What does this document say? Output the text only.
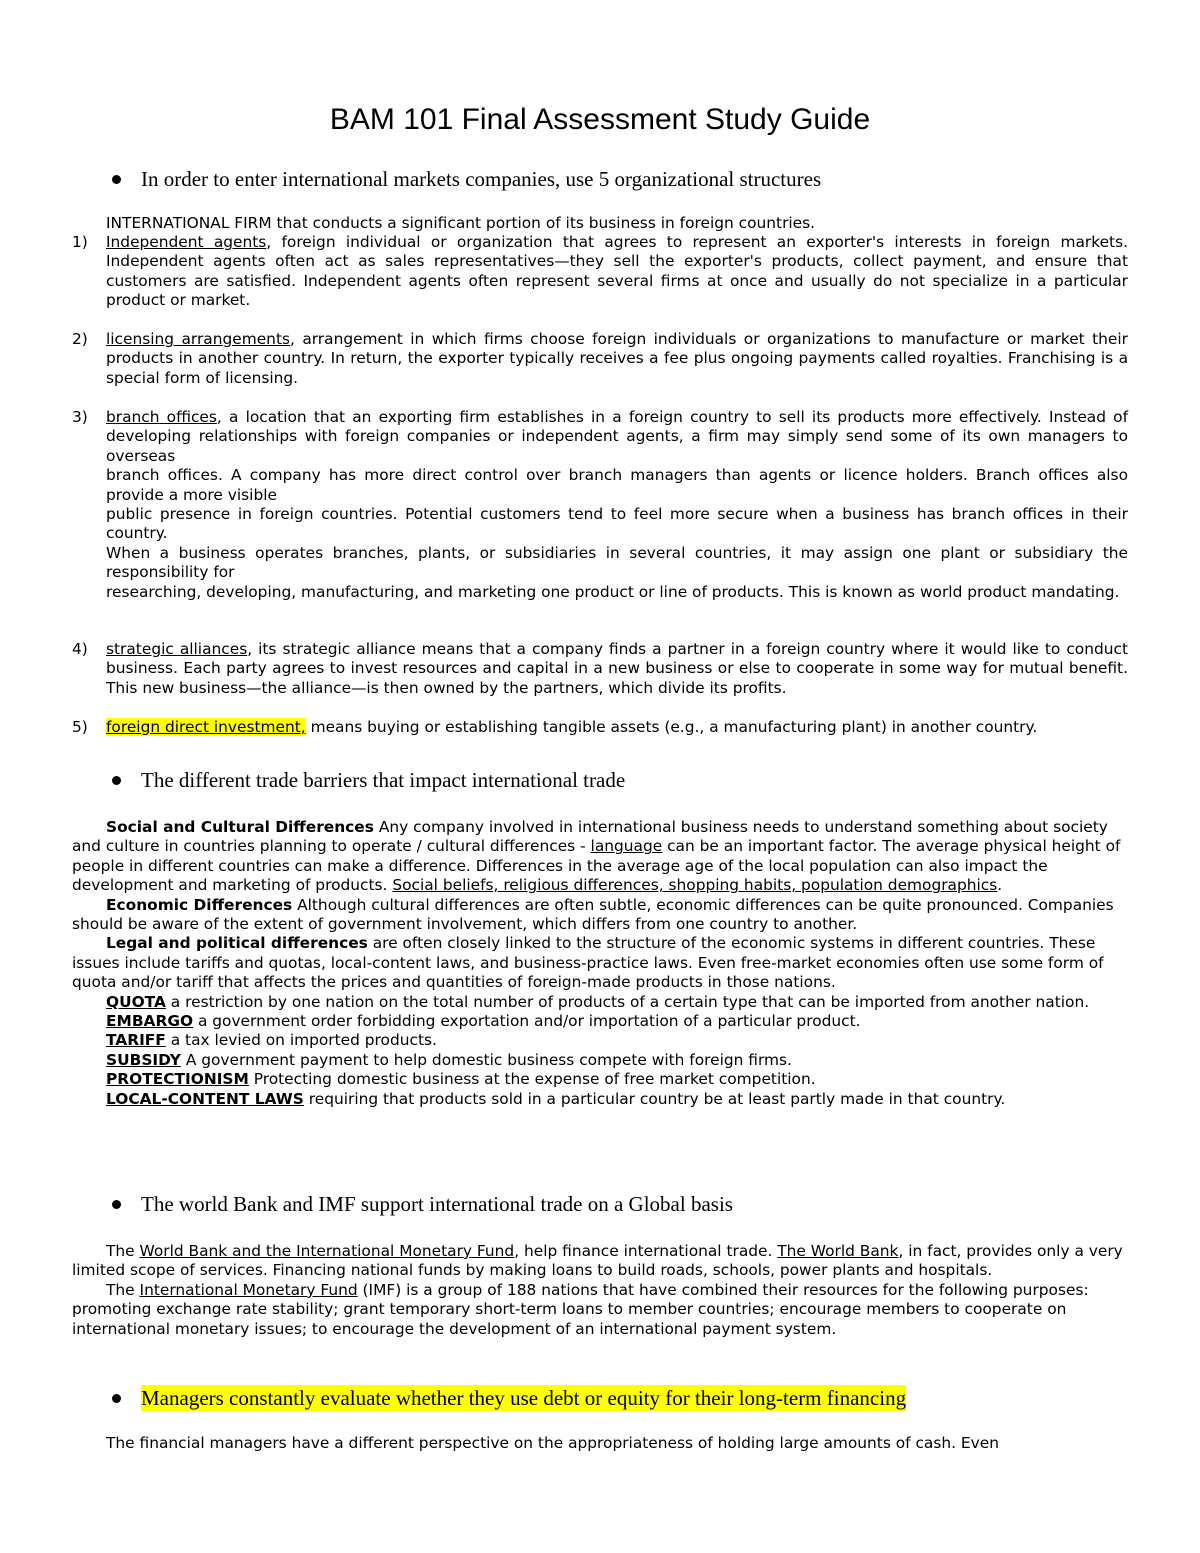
BAM 101 Final Assessment Study Guide
In order to enter international markets companies, use 5 organizational structures
INTERNATIONAL FIRM that conducts a significant portion of its business in foreign countries.
1) Independent agents, foreign individual or organization that agrees to represent an exporter's interests in foreign markets. Independent agents often act as sales representatives—they sell the exporter's products, collect payment, and ensure that customers are satisfied. Independent agents often represent several firms at once and usually do not specialize in a particular product or market.
2) licensing arrangements, arrangement in which firms choose foreign individuals or organizations to manufacture or market their products in another country. In return, the exporter typically receives a fee plus ongoing payments called royalties. Franchising is a special form of licensing.
3) branch offices, a location that an exporting firm establishes in a foreign country to sell its products more effectively. Instead of developing relationships with foreign companies or independent agents, a firm may simply send some of its own managers to overseas

branch offices. A company has more direct control over branch managers than agents or licence holders. Branch offices also provide a more visible

public presence in foreign countries. Potential customers tend to feel more secure when a business has branch offices in their country.

When a business operates branches, plants, or subsidiaries in several countries, it may assign one plant or subsidiary the responsibility for

researching, developing, manufacturing, and marketing one product or line of products. This is known as world product mandating.

4) strategic alliances, its strategic alliance means that a company finds a partner in a foreign country where it would like to conduct business. Each party agrees to invest resources and capital in a new business or else to cooperate in some way for mutual benefit. This new business—the alliance—is then owned by the partners, which divide its profits.
5) foreign direct investment, means buying or establishing tangible assets (e.g., a manufacturing plant) in another country.
The different trade barriers that impact international trade

Social and Cultural Differences Any company involved in international business needs to understand something about society and culture in countries planning to operate / cultural differences - language can be an important factor. The average physical height of people in different countries can make a difference. Differences in the average age of the local population can also impact the development and marketing of products. Social beliefs, religious differences, shopping habits, population demographics.

Economic Differences Although cultural differences are often subtle, economic differences can be quite pronounced. Companies should be aware of the extent of government involvement, which differs from one country to another.

Legal and political differences are often closely linked to the structure of the economic systems in different countries. These issues include tariffs and quotas, local-content laws, and business-practice laws. Even free-market economies often use some form of quota and/or tariff that affects the prices and quantities of foreign-made products in those nations.

QUOTA a restriction by one nation on the total number of products of a certain type that can be imported from another nation.

EMBARGO a government order forbidding exportation and/or importation of a particular product.

TARIFF a tax levied on imported products.

SUBSIDY A government payment to help domestic business compete with foreign firms.

PROTECTIONISM Protecting domestic business at the expense of free market competition.

LOCAL-CONTENT LAWS requiring that products sold in a particular country be at least partly made in that country.

The world Bank and IMF support international trade on a Global basis

The World Bank and the International Monetary Fund, help finance international trade. The World Bank, in fact, provides only a very limited scope of services. Financing national funds by making loans to build roads, schools, power plants and hospitals.

The International Monetary Fund (IMF) is a group of 188 nations that have combined their resources for the following purposes: promoting exchange rate stability; grant temporary short-term loans to member countries; encourage members to cooperate on international monetary issues; to encourage the development of an international payment system.

Managers constantly evaluate whether they use debt or equity for their long-term financing
The financial managers have a different perspective on the appropriateness of holding large amounts of cash. Even
